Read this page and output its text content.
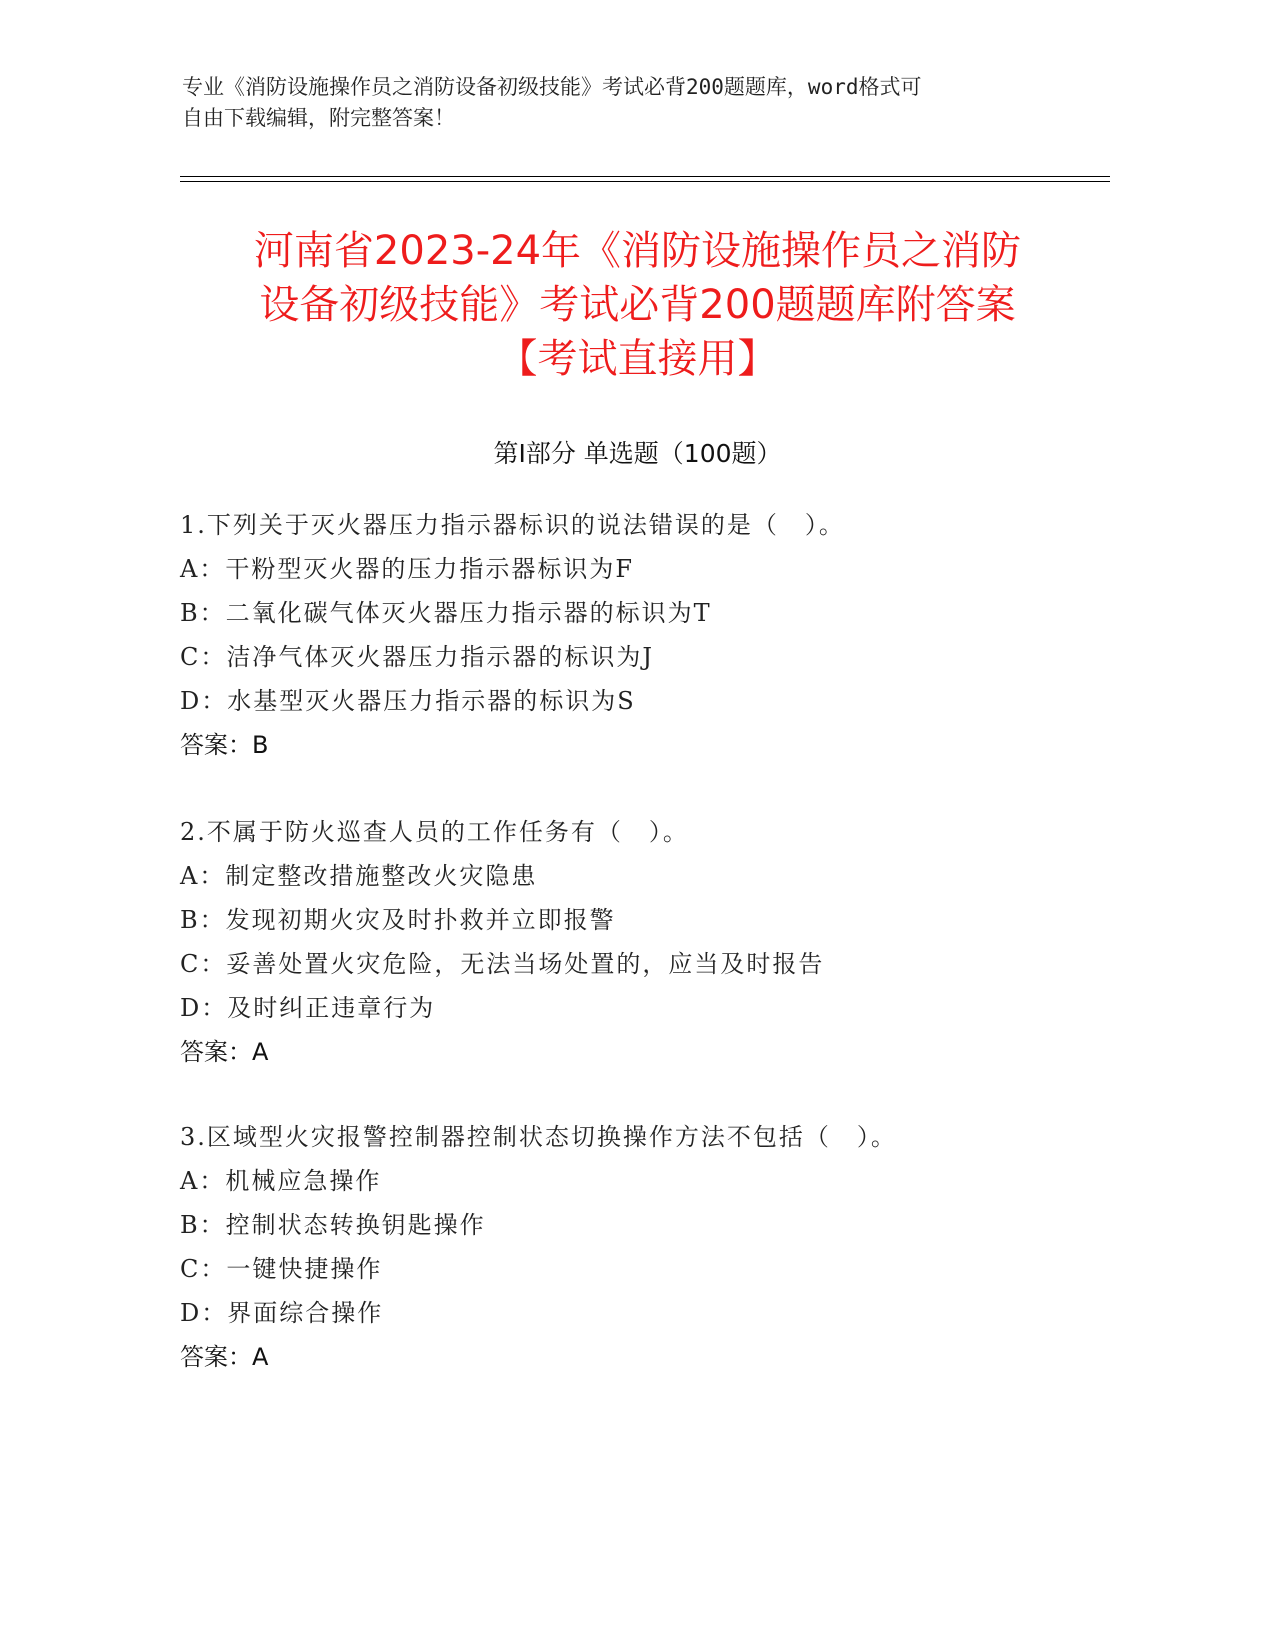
专业《消防设施操作员之消防设备初级技能》考试必背200题题库，word格式可
自由下载编辑，附完整答案！
河南省2023-24年《消防设施操作员之消防
设备初级技能》考试必背200题题库附答案
【考试直接用】
第Ⅰ部分 单选题（100题）
1.下列关于灭火器压力指示器标识的说法错误的是（　）。
A：干粉型灭火器的压力指示器标识为F
B：二氧化碳气体灭火器压力指示器的标识为T
C：洁净气体灭火器压力指示器的标识为J
D：水基型灭火器压力指示器的标识为S
答案：B
2.不属于防火巡查人员的工作任务有（　）。
A：制定整改措施整改火灾隐患
B：发现初期火灾及时扑救并立即报警
C：妥善处置火灾危险，无法当场处置的，应当及时报告
D：及时纠正违章行为
答案：A
3.区域型火灾报警控制器控制状态切换操作方法不包括（　）。
A：机械应急操作
B：控制状态转换钥匙操作
C：一键快捷操作
D：界面综合操作
答案：A
